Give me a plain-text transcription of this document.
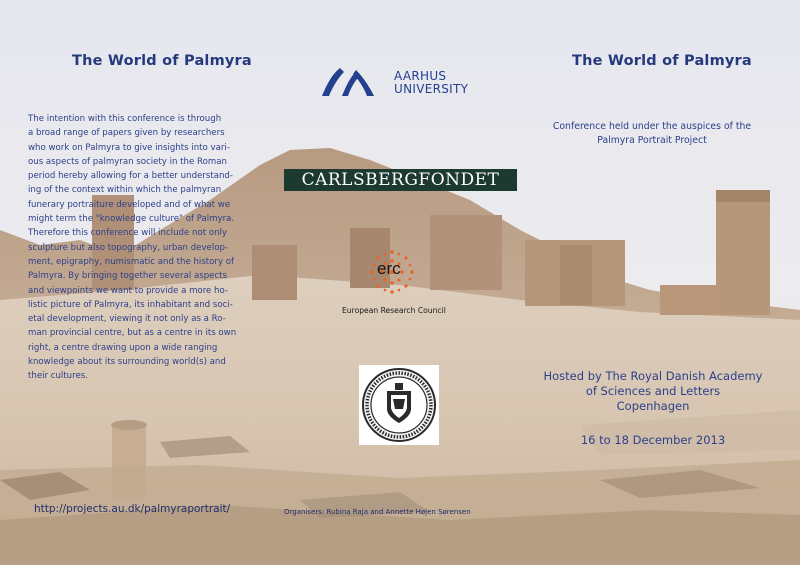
The World of Palmyra
The intention with this conference is through
a broad range of papers given by researchers
who work on Palmyra to give insights into vari-
ous aspects of palmyran society in the Roman
period hereby allowing for a better understand-
ing of the context within which the palmyran
funerary portraiture developed and of what we
might term the "knowledge culture" of Palmyra.
Therefore this conference will include not only
sculpture but also topography, urban develop-
ment, epigraphy, numismatic and the history of
Palmyra. By bringing together several aspects
and viewpoints we want to provide a more ho-
listic picture of Palmyra, its inhabitant and soci-
etal development, viewing it not only as a Ro-
man provincial centre, but as a centre in its own
right, a centre drawing upon a wide ranging
knowledge about its surrounding world(s) and
their cultures.
http://projects.au.dk/palmyraportrait/
AARHUS
UNIVERSITY
CARLSBERGFONDET
erc
European Research Council
Organisers: Rubina Raja and Annette Højen Sørensen
The World of Palmyra
Conference held under the auspices of the
Palmyra Portrait Project
Hosted by The Royal Danish Academy
of Sciences and Letters
Copenhagen
16 to 18 December 2013
